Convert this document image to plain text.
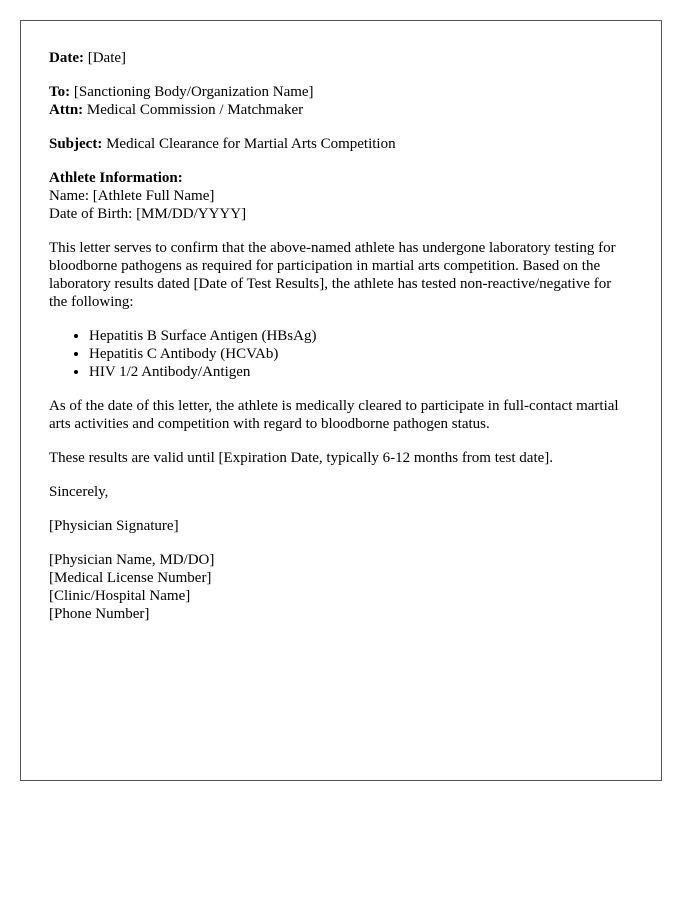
Date: [Date]
To: [Sanctioning Body/Organization Name]
Attn: Medical Commission / Matchmaker
Subject: Medical Clearance for Martial Arts Competition
Athlete Information:
Name: [Athlete Full Name]
Date of Birth: [MM/DD/YYYY]

This letter serves to confirm that the above-named athlete has undergone laboratory testing for bloodborne pathogens as required for participation in martial arts competition. Based on the laboratory results dated [Date of Test Results], the athlete has tested non-reactive/negative for the following:

• Hepatitis B Surface Antigen (HBsAg)
• Hepatitis C Antibody (HCVAb)
• HIV 1/2 Antibody/Antigen

As of the date of this letter, the athlete is medically cleared to participate in full-contact martial arts activities and competition with regard to bloodborne pathogen status.

These results are valid until [Expiration Date, typically 6-12 months from test date].

Sincerely,

[Physician Signature]

[Physician Name, MD/DO]
[Medical License Number]
[Clinic/Hospital Name]
[Phone Number]
